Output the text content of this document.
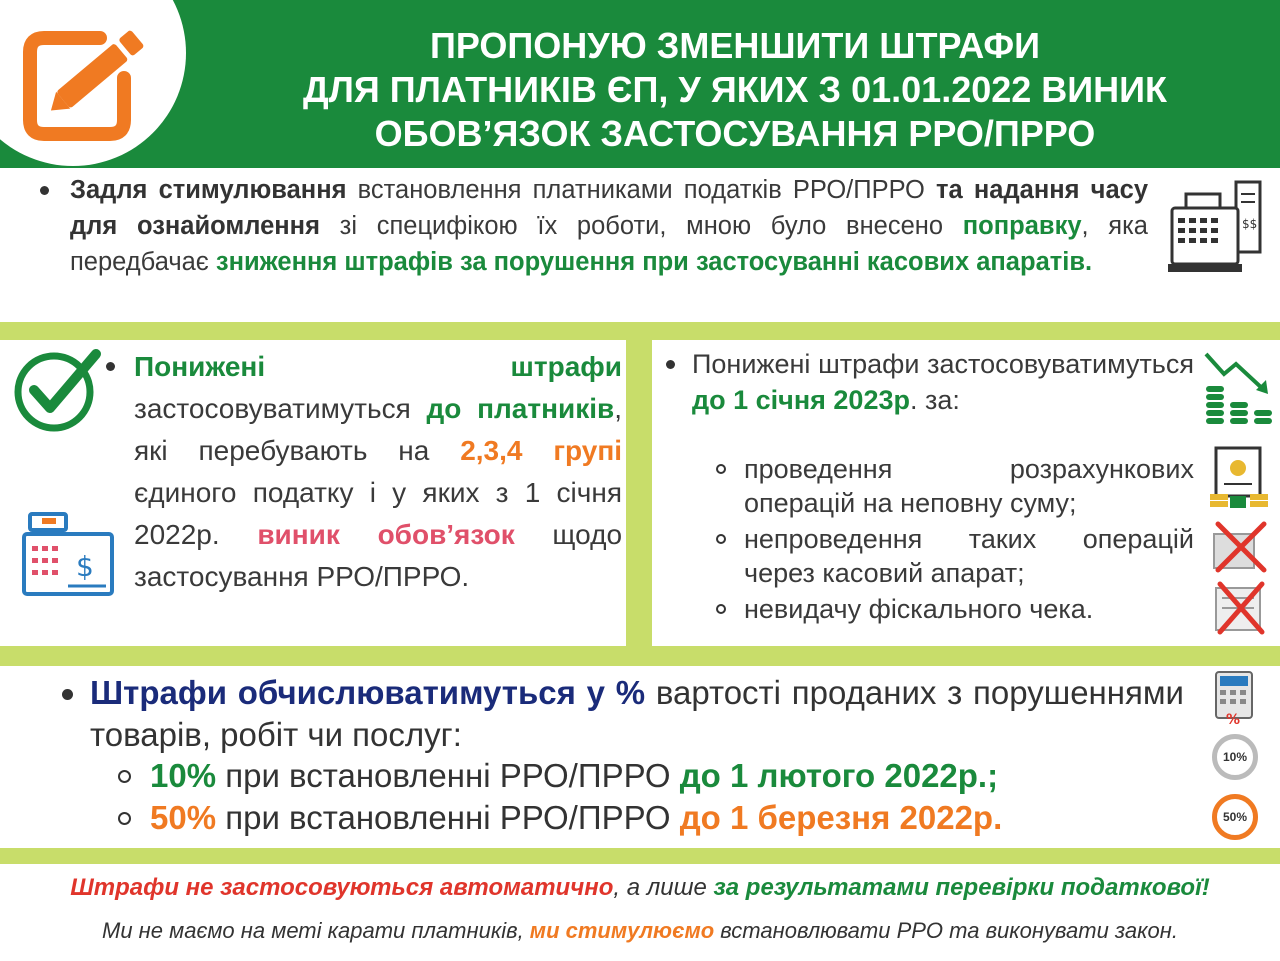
ПРОПОНУЮ ЗМЕНШИТИ ШТРАФИ
ДЛЯ ПЛАТНИКІВ ЄП, У ЯКИХ З 01.01.2022 ВИНИК
ОБОВ’ЯЗОК ЗАСТОСУВАННЯ РРО/ПРРО
Задля стимулювання встановлення платниками податків РРО/ПРРО та надання часу для ознайомлення зі специфікою їх роботи, мною було внесено поправку, яка передбачає зниження штрафів за порушення при застосуванні касових апаратів.
$$
$
Понижені штрафи застосовуватимуться до платників, які перебувають на 2,3,4 групі єдиного податку і у яких з 1 січня 2022р. виник обов’язок щодо застосування РРО/ПРРО.
Понижені штрафи застосовуватимуться до 1 січня 2023р. за:
проведення розрахункових операцій на неповну суму;
непроведення таких операцій через касовий апарат;
невидачу фіскального чека.
Штрафи обчислюватимуться у % вартості проданих з порушеннями товарів, робіт чи послуг:
10% при встановленні РРО/ПРРО до 1 лютого 2022р.;
50% при встановленні РРО/ПРРО до 1 березня 2022р.
%
10%
50%
Штрафи не застосовуються автоматично, а лише за результатами перевірки податкової!
Ми не маємо на меті карати платників, ми стимулюємо встановлювати РРО та виконувати закон.
